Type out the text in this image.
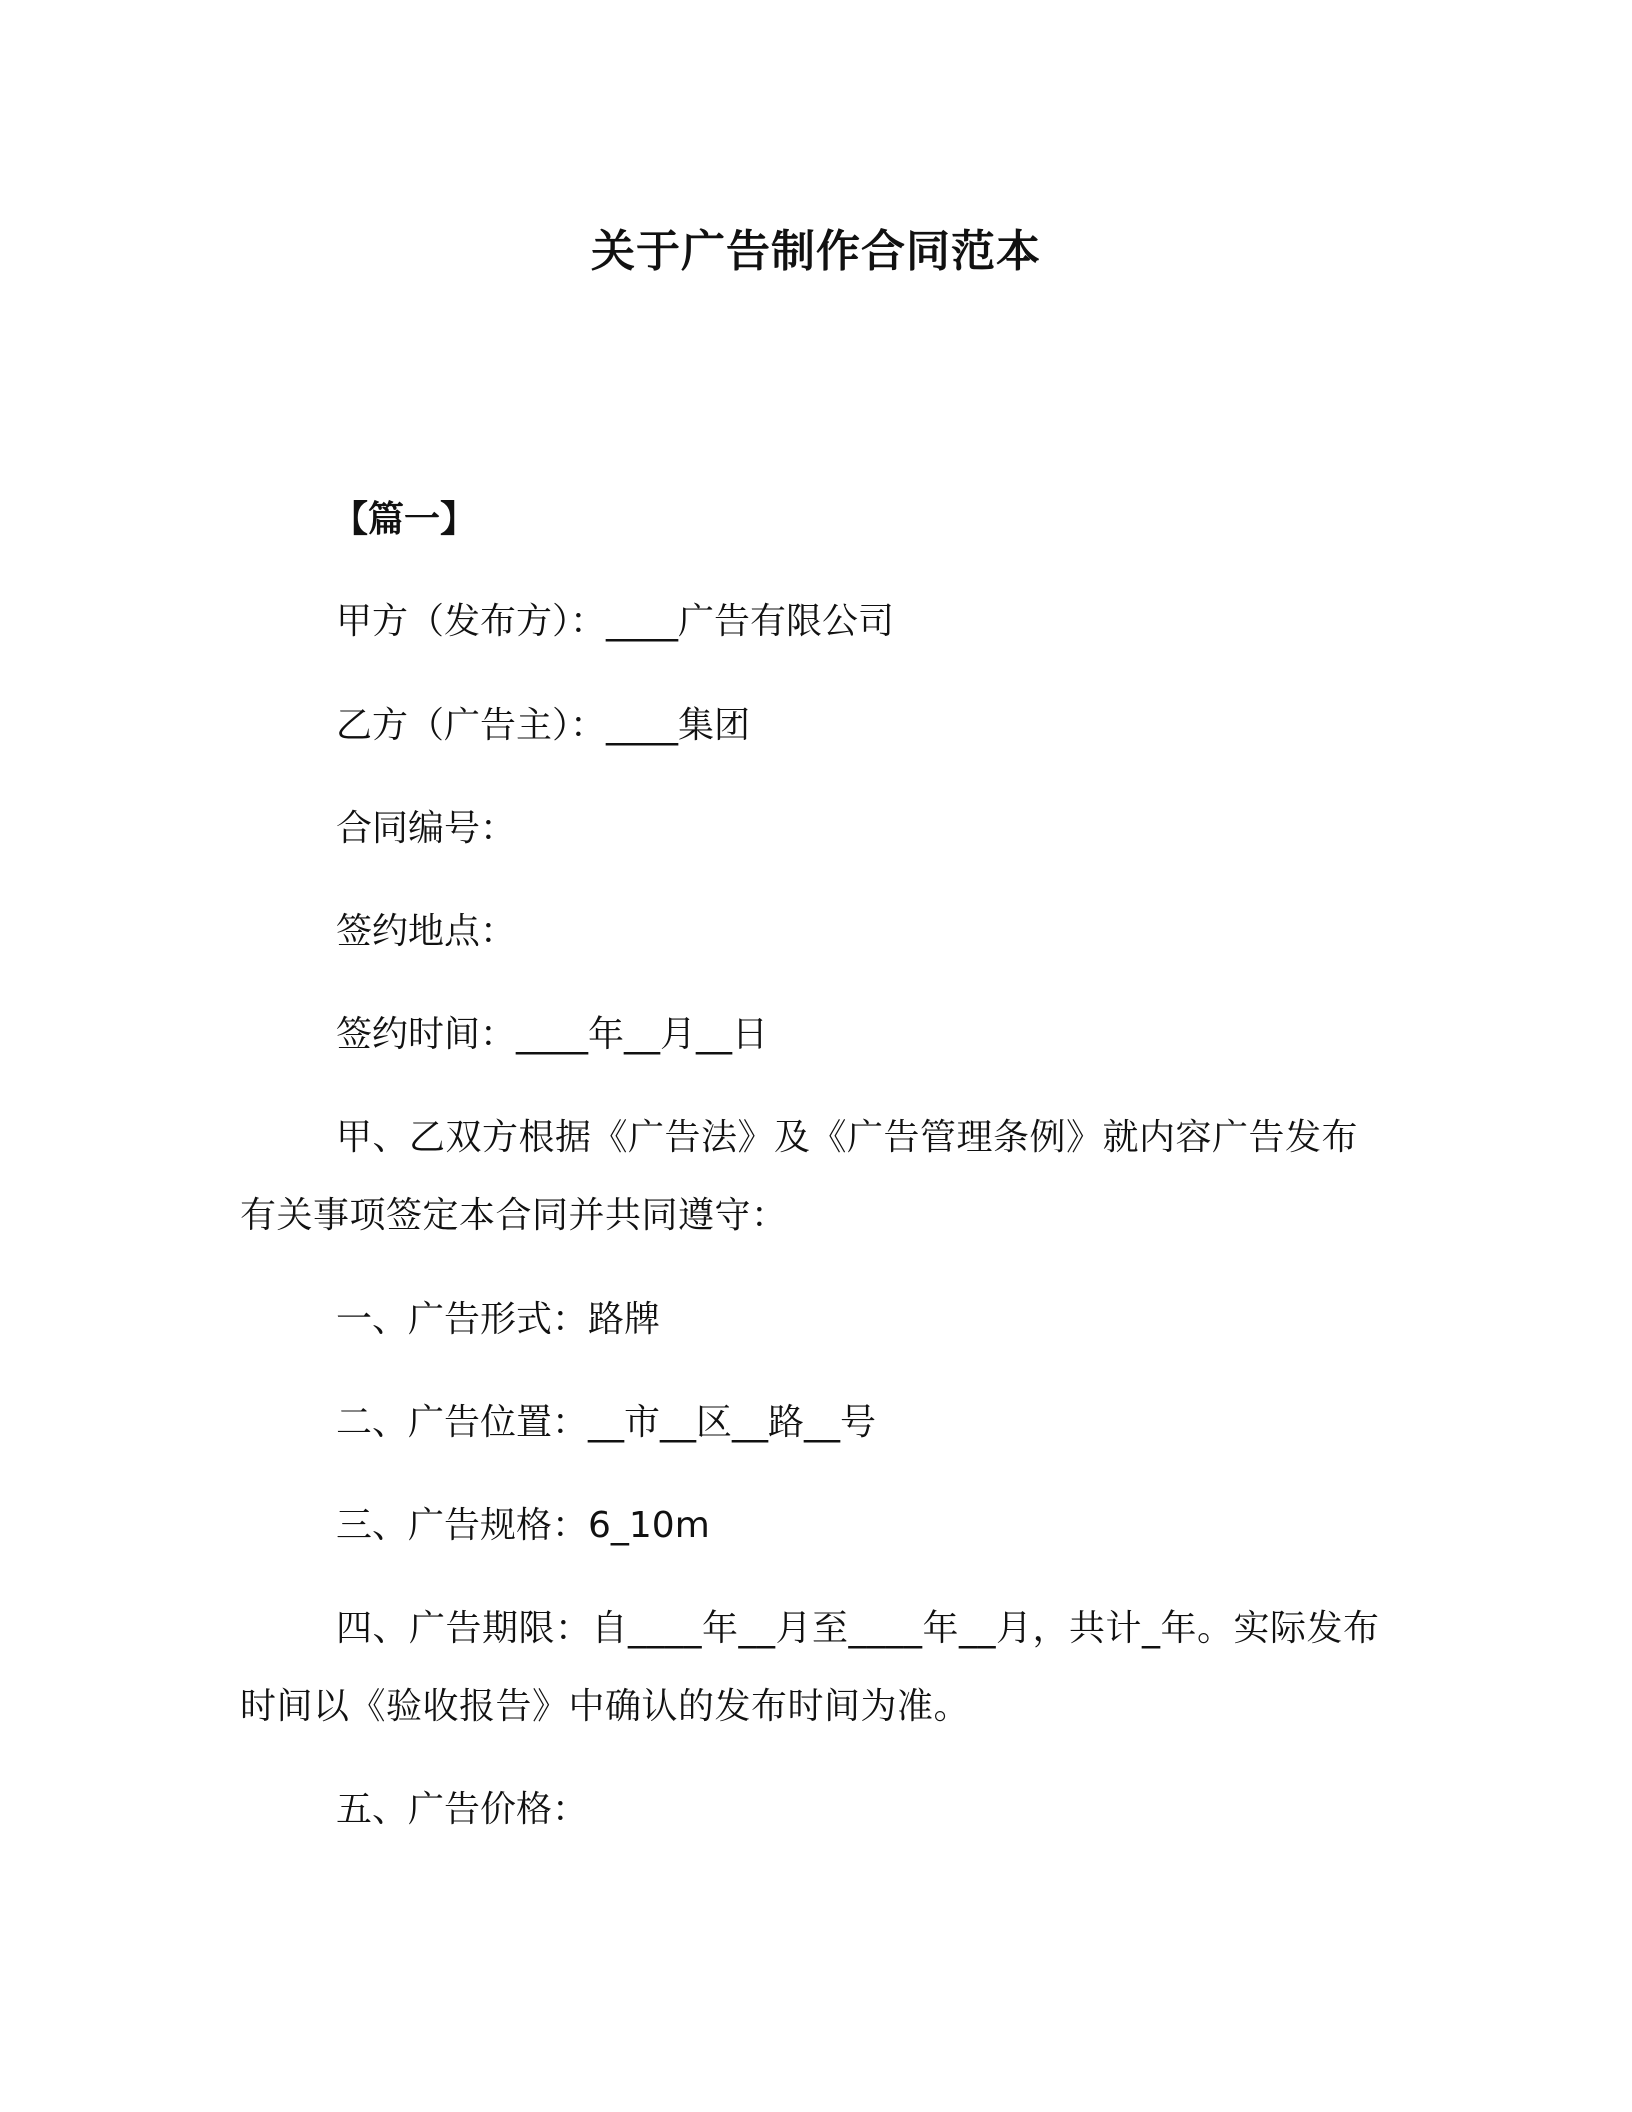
关于广告制作合同范本
【篇一】
甲方（发布方）：____广告有限公司
乙方（广告主）：____集团
合同编号：
签约地点：
签约时间：____年__月__日
甲、乙双方根据《广告法》及《广告管理条例》就内容广告发布有关事项签定本合同并共同遵守：
一、广告形式：路牌
二、广告位置：__市__区__路__号
三、广告规格：6_10m
四、广告期限：自____年__月至____年__月，共计_年。实际发布时间以《验收报告》中确认的发布时间为准。
五、广告价格：
